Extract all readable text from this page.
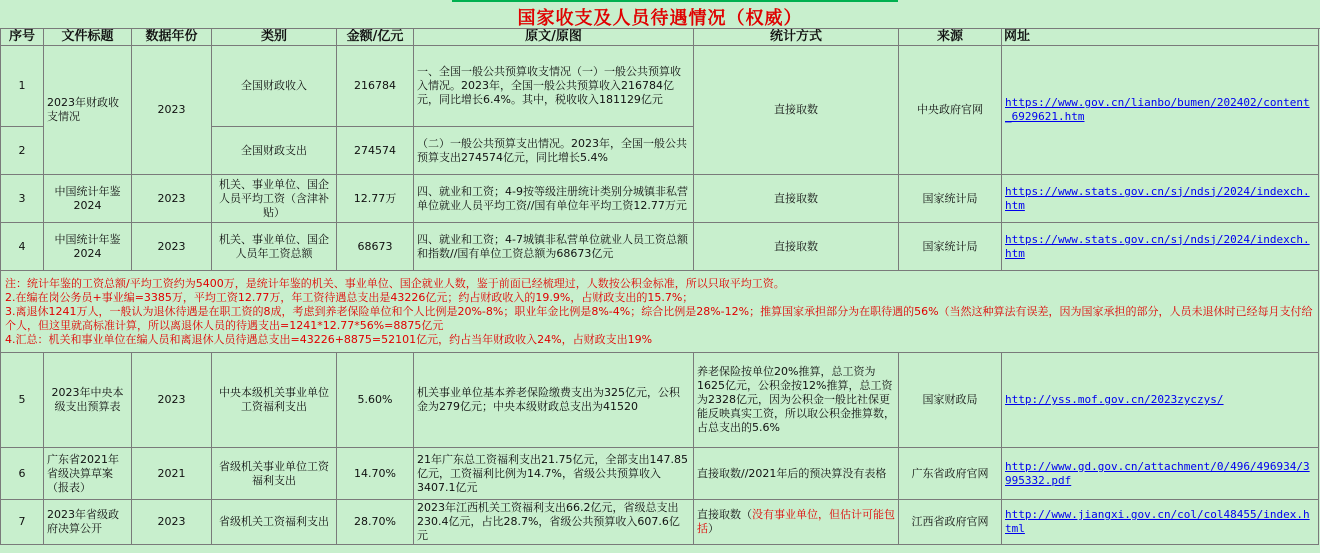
国家收支及人员待遇情况（权威）
序号	文件标题	数据年份	类别	金额/亿元	原文/原图	统计方式	来源	网址
1	2023年财政收支情况	2023	全国财政收入	216784	一、全国一般公共预算收支情况（一）一般公共预算收入情况。2023年，全国一般公共预算收入216784亿元，同比增长6.4%。其中，税收收入181129亿元	直接取数	中央政府官网	https://www.gov.cn/lianbo/bumen/202402/content_6929621.htm

2			全国财政支出	274574	（二）一般公共预算支出情况。2023年，全国一般公共预算支出274574亿元，同比增长5.4%			
3	中国统计年鉴2024	2023	机关、事业单位、国企人员平均工资（含津补贴）	12.77万	四、就业和工资；4-9按等级注册统计类别分城镇非私营单位就业人员平均工资//国有单位年平均工资12.77万元	直接取数	国家统计局	https://www.stats.gov.cn/sj/ndsj/2024/indexch.htm

4	中国统计年鉴2024	2023	机关、事业单位、国企人员年工资总额	68673	四、就业和工资；4-7城镇非私营单位就业人员工资总额和指数//国有单位工资总额为68673亿元	直接取数	国家统计局	https://www.stats.gov.cn/sj/ndsj/2024/indexch.htm

注：统计年鉴的工资总额/平均工资约为5400万，是统计年鉴的机关、事业单位、国企就业人数，鉴于前面已经梳理过，人数按公积金标准，所以只取平均工资。
2.在编在岗公务员+事业编=3385万，平均工资12.77万，年工资待遇总支出是43226亿元；约占财政收入的19.9%，占财政支出的15.7%；
3.离退休1241万人，一般认为退休待遇是在职工资的8成，考虑到养老保险单位和个人比例是20%-8%；职业年金比例是8%-4%；综合比例是28%-12%；推算国家承担部分为在职待遇的56%（当然这种算法有误差，因为国家承担的部分，人员未退休时已经每月支付给个人，但这里就高标准计算，所以离退休人员的待遇支出=1241*12.77*56%=8875亿元
4.汇总：机关和事业单位在编人员和离退休人员待遇总支出=43226+8875=52101亿元，约占当年财政收入24%，占财政支出19%								

5	2023年中央本级支出预算表	2023	中央本级机关事业单位工资福利支出	5.60%	机关事业单位基本养老保险缴费支出为325亿元，公积金为279亿元；中央本级财政总支出为41520	养老保险按单位20%推算，总工资为1625亿元，公积金按12%推算，总工资为2328亿元，因为公积金一般比社保更能反映真实工资，所以取公积金推算数，占总支出的5.6%	国家财政局	http://yss.mof.gov.cn/2023zyczys/

6	广东省2021年省级决算草案（报表）	2021	省级机关事业单位工资福利支出	14.70%	21年广东总工资福利支出21.75亿元，全部支出147.85亿元，工资福利比例为14.7%，省级公共预算收入3407.1亿元	直接取数//2021年后的预决算没有表格	广东省政府官网	http://www.gd.gov.cn/attachment/0/496/496934/3995332.pdf

7	2023年省级政府决算公开	2023	省级机关工资福利支出	28.70%	2023年江西机关工资福利支出66.2亿元，省级总支出230.4亿元，占比28.7%，省级公共预算收入607.6亿元	直接取数（没有事业单位，但估计可能包括）	江西省政府官网	http://www.jiangxi.gov.cn/col/col48455/index.html
